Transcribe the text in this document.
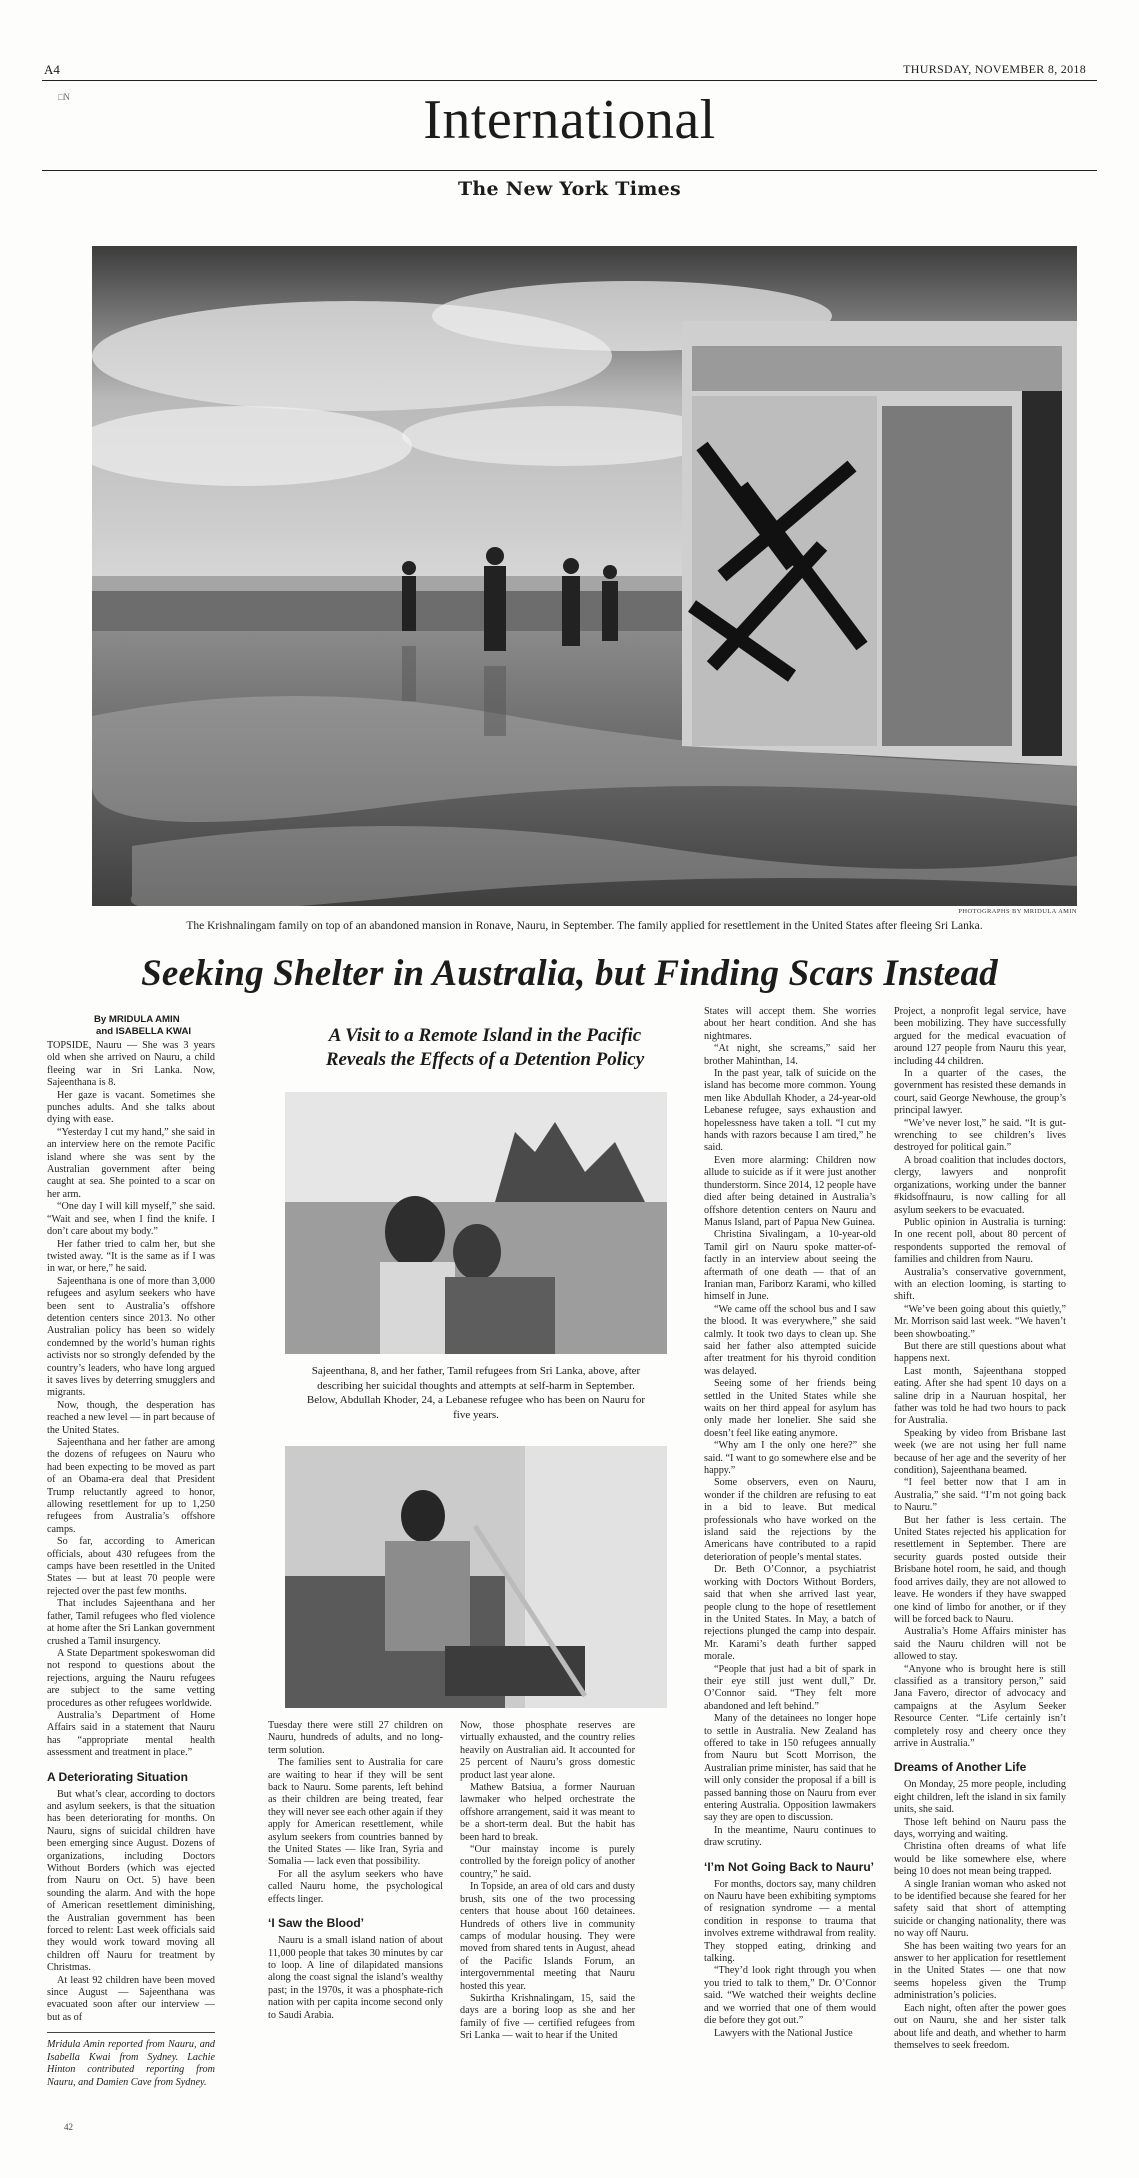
A4
□N
THURSDAY, NOVEMBER 8, 2018
International
The New York Times
PHOTOGRAPHS BY MRIDULA AMIN
The Krishnalingam family on top of an abandoned mansion in Ronave, Nauru, in September. The family applied for resettlement in the United States after fleeing Sri Lanka.
Seeking Shelter in Australia, but Finding Scars Instead
By MRIDULA AMIN
and ISABELLA KWAI	A Visit to a Remote Island in the Pacific
Reveals the Effects of a Detention Policy

TOPSIDE, Nauru — She was 3 years old when she arrived on Nauru, a child fleeing war in Sri Lanka. Now, Sajeenthana is 8.

Her gaze is vacant. Sometimes she punches adults. And she talks about dying with ease.

“Yesterday I cut my hand,” she said in an interview here on the remote Pacific island where she was sent by the Australian government after being caught at sea. She pointed to a scar on her arm.

“One day I will kill myself,” she said. “Wait and see, when I find the knife. I don’t care about my body.”

Her father tried to calm her, but she twisted away. “It is the same as if I was in war, or here,” he said.

Sajeenthana is one of more than 3,000 refugees and asylum seekers who have been sent to Australia’s offshore detention centers since 2013. No other Australian policy has been so widely condemned by the world’s human rights activists nor so strongly defended by the country’s leaders, who have long argued it saves lives by deterring smugglers and migrants.

Now, though, the desperation has reached a new level — in part because of the United States.

Sajeenthana and her father are among the dozens of refugees on Nauru who had been expecting to be moved as part of an Obama-era deal that President Trump reluctantly agreed to honor, allowing resettlement for up to 1,250 refugees from Australia’s offshore camps.

So far, according to American officials, about 430 refugees from the camps have been resettled in the United States — but at least 70 people were rejected over the past few months.

That includes Sajeenthana and her father, Tamil refugees who fled violence at home after the Sri Lankan government crushed a Tamil insurgency.

A State Department spokeswoman did not respond to questions about the rejections, arguing the Nauru refugees are subject to the same vetting procedures as other refugees worldwide.

Australia’s Department of Home Affairs said in a statement that Nauru has “appropriate mental health assessment and treatment in place.”

A Deteriorating Situation

But what’s clear, according to doctors and asylum seekers, is that the situation has been deteriorating for months. On Nauru, signs of suicidal children have been emerging since August. Dozens of organizations, including Doctors Without Borders (which was ejected from Nauru on Oct. 5) have been sounding the alarm. And with the hope of American resettlement diminishing, the Australian government has been forced to relent: Last week officials said they would work toward moving all children off Nauru for treatment by Christmas.

At least 92 children have been moved since August — Sajeenthana was evacuated soon after our interview — but as of

Mridula Amin reported from Nauru, and Isabella Kwai from Sydney. Lachie Hinton contributed reporting from Nauru, and Damien Cave from Sydney.
Sajeenthana, 8, and her father, Tamil refugees from Sri Lanka, above, after describing her suicidal thoughts and attempts at self-harm in September. Below, Abdullah Khoder, 24, a Lebanese refugee who has been on Nauru for five years.

Tuesday there were still 27 children on Nauru, hundreds of adults, and no long-term solution.

The families sent to Australia for care are waiting to hear if they will be sent back to Nauru. Some parents, left behind as their children are being treated, fear they will never see each other again if they apply for American resettlement, while asylum seekers from countries banned by the United States — like Iran, Syria and Somalia — lack even that possibility.

For all the asylum seekers who have called Nauru home, the psychological effects linger.

‘I Saw the Blood’

Nauru is a small island nation of about 11,000 people that takes 30 minutes by car to loop. A line of dilapidated mansions along the coast signal the island’s wealthy past; in the 1970s, it was a phosphate-rich nation with per capita income second only to Saudi Arabia.

Now, those phosphate reserves are virtually exhausted, and the country relies heavily on Australian aid. It accounted for 25 percent of Nauru’s gross domestic product last year alone.

Mathew Batsiua, a former Nauruan lawmaker who helped orchestrate the offshore arrangement, said it was meant to be a short-term deal. But the habit has been hard to break.

“Our mainstay income is purely controlled by the foreign policy of another country,” he said.

In Topside, an area of old cars and dusty brush, sits one of the two processing centers that house about 160 detainees. Hundreds of others live in community camps of modular housing. They were moved from shared tents in August, ahead of the Pacific Islands Forum, an intergovernmental meeting that Nauru hosted this year.

Sukirtha Krishnalingam, 15, said the days are a boring loop as she and her family of five — certified refugees from Sri Lanka — wait to hear if the United

States will accept them. She worries about her heart condition. And she has nightmares.

“At night, she screams,” said her brother Mahinthan, 14.

In the past year, talk of suicide on the island has become more common. Young men like Abdullah Khoder, a 24-year-old Lebanese refugee, says exhaustion and hopelessness have taken a toll. “I cut my hands with razors because I am tired,” he said.

Even more alarming: Children now allude to suicide as if it were just another thunderstorm. Since 2014, 12 people have died after being detained in Australia’s offshore detention centers on Nauru and Manus Island, part of Papua New Guinea.

Christina Sivalingam, a 10-year-old Tamil girl on Nauru spoke matter-of-factly in an interview about seeing the aftermath of one death — that of an Iranian man, Fariborz Karami, who killed himself in June.

“We came off the school bus and I saw the blood. It was everywhere,” she said calmly. It took two days to clean up. She said her father also attempted suicide after treatment for his thyroid condition was delayed.

Seeing some of her friends being settled in the United States while she waits on her third appeal for asylum has only made her lonelier. She said she doesn’t feel like eating anymore.

“Why am I the only one here?” she said. “I want to go somewhere else and be happy.”

Some observers, even on Nauru, wonder if the children are refusing to eat in a bid to leave. But medical professionals who have worked on the island said the rejections by the Americans have contributed to a rapid deterioration of people’s mental states.

Dr. Beth O’Connor, a psychiatrist working with Doctors Without Borders, said that when she arrived last year, people clung to the hope of resettlement in the United States. In May, a batch of rejections plunged the camp into despair. Mr. Karami’s death further sapped morale.

“People that just had a bit of spark in their eye still just went dull,” Dr. O’Connor said. “They felt more abandoned and left behind.”

Many of the detainees no longer hope to settle in Australia. New Zealand has offered to take in 150 refugees annually from Nauru but Scott Morrison, the Australian prime minister, has said that he will only consider the proposal if a bill is passed banning those on Nauru from ever entering Australia. Opposition lawmakers say they are open to discussion.

In the meantime, Nauru continues to draw scrutiny.

‘I’m Not Going Back to Nauru’

For months, doctors say, many children on Nauru have been exhibiting symptoms of resignation syndrome — a mental condition in response to trauma that involves extreme withdrawal from reality. They stopped eating, drinking and talking.

“They’d look right through you when you tried to talk to them,” Dr. O’Connor said. “We watched their weights decline and we worried that one of them would die before they got out.”

Lawyers with the National Justice

Project, a nonprofit legal service, have been mobilizing. They have successfully argued for the medical evacuation of around 127 people from Nauru this year, including 44 children.

In a quarter of the cases, the government has resisted these demands in court, said George Newhouse, the group’s principal lawyer.

“We’ve never lost,” he said. “It is gut-wrenching to see children’s lives destroyed for political gain.”

A broad coalition that includes doctors, clergy, lawyers and nonprofit organizations, working under the banner #kidsoffnauru, is now calling for all asylum seekers to be evacuated.

Public opinion in Australia is turning: In one recent poll, about 80 percent of respondents supported the removal of families and children from Nauru.

Australia’s conservative government, with an election looming, is starting to shift.

“We’ve been going about this quietly,” Mr. Morrison said last week. “We haven’t been showboating.”

But there are still questions about what happens next.

Last month, Sajeenthana stopped eating. After she had spent 10 days on a saline drip in a Nauruan hospital, her father was told he had two hours to pack for Australia.

Speaking by video from Brisbane last week (we are not using her full name because of her age and the severity of her condition), Sajeenthana beamed.

“I feel better now that I am in Australia,” she said. “I’m not going back to Nauru.”

But her father is less certain. The United States rejected his application for resettlement in September. There are security guards posted outside their Brisbane hotel room, he said, and though food arrives daily, they are not allowed to leave. He wonders if they have swapped one kind of limbo for another, or if they will be forced back to Nauru.

Australia’s Home Affairs minister has said the Nauru children will not be allowed to stay.

“Anyone who is brought here is still classified as a transitory person,” said Jana Favero, director of advocacy and campaigns at the Asylum Seeker Resource Center. “Life certainly isn’t completely rosy and cheery once they arrive in Australia.”

Dreams of Another Life

On Monday, 25 more people, including eight children, left the island in six family units, she said.

Those left behind on Nauru pass the days, worrying and waiting.

Christina often dreams of what life would be like somewhere else, where being 10 does not mean being trapped.

A single Iranian woman who asked not to be identified because she feared for her safety said that short of attempting suicide or changing nationality, there was no way off Nauru.

She has been waiting two years for an answer to her application for resettlement in the United States — one that now seems hopeless given the Trump administration’s policies.

Each night, often after the power goes out on Nauru, she and her sister talk about life and death, and whether to harm themselves to seek freedom.

42
